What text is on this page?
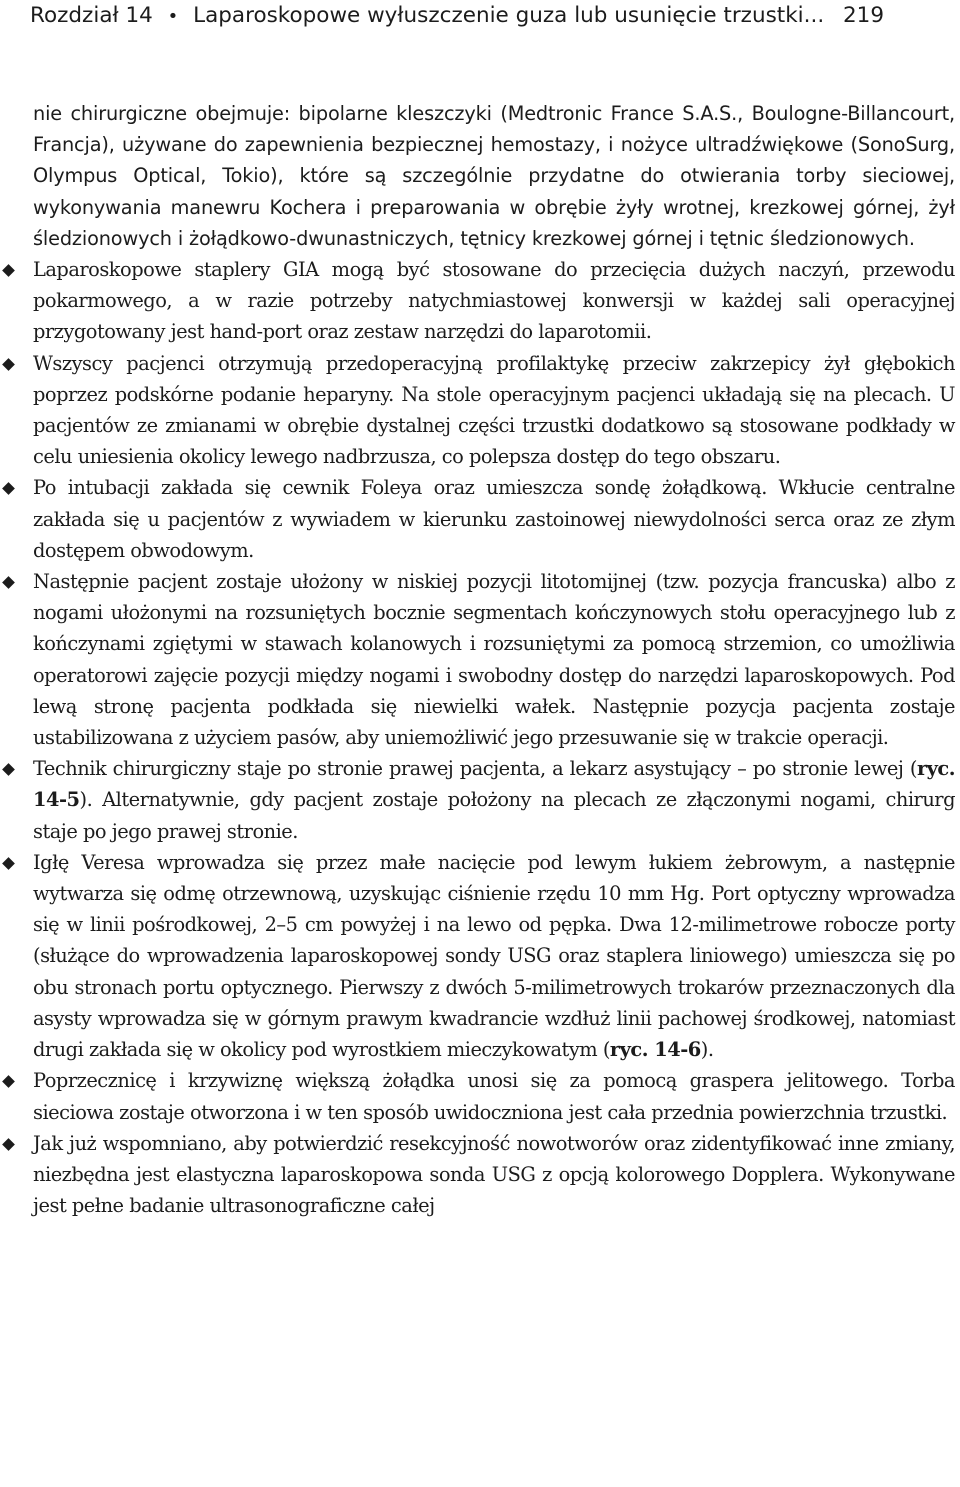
Rozdział 14 • Laparoskopowe wyłuszczenie guza lub usunięcie trzustki... 219

nie chirurgiczne obejmuje: bipolarne kleszczyki (Medtronic France S.A.S., Boulogne-Billancourt, Francja), używane do zapewnienia bezpiecznej hemostazy, i nożyce ultradźwiękowe (SonoSurg, Olympus Optical, Tokio), które są szczególnie przydatne do otwierania torby sieciowej, wykonywania manewru Kochera i preparowania w obrębie żyły wrotnej, krezkowej górnej, żył śledzionowych i żołądkowo-dwunastniczych, tętnicy krezkowej górnej i tętnic śledzionowych.

Laparoskopowe staplery GIA mogą być stosowane do przecięcia dużych naczyń, przewodu pokarmowego, a w razie potrzeby natychmiastowej konwersji w każdej sali operacyjnej przygotowany jest hand-port oraz zestaw narzędzi do laparotomii.
Wszyscy pacjenci otrzymują przedoperacyjną profilaktykę przeciw zakrzepicy żył głębokich poprzez podskórne podanie heparyny. Na stole operacyjnym pacjenci układają się na plecach. U pacjentów ze zmianami w obrębie dystalnej części trzustki dodatkowo są stosowane podkłady w celu uniesienia okolicy lewego nadbrzusza, co polepsza dostęp do tego obszaru.
Po intubacji zakłada się cewnik Foleya oraz umieszcza sondę żołądkową. Wkłucie centralne zakłada się u pacjentów z wywiadem w kierunku zastoinowej niewydolności serca oraz ze złym dostępem obwodowym.
Następnie pacjent zostaje ułożony w niskiej pozycji litotomijnej (tzw. pozycja francuska) albo z nogami ułożonymi na rozsuniętych bocznie segmentach kończynowych stołu operacyjnego lub z kończynami zgiętymi w stawach kolanowych i rozsuniętymi za pomocą strzemion, co umożliwia operatorowi zajęcie pozycji między nogami i swobodny dostęp do narzędzi laparoskopowych. Pod lewą stronę pacjenta podkłada się niewielki wałek. Następnie pozycja pacjenta zostaje ustabilizowana z użyciem pasów, aby uniemożliwić jego przesuwanie się w trakcie operacji.
Technik chirurgiczny staje po stronie prawej pacjenta, a lekarz asystujący – po stronie lewej (ryc. 14-5). Alternatywnie, gdy pacjent zostaje położony na plecach ze złączonymi nogami, chirurg staje po jego prawej stronie.
Igłę Veresa wprowadza się przez małe nacięcie pod lewym łukiem żebrowym, a następnie wytwarza się odmę otrzewnową, uzyskując ciśnienie rzędu 10 mm Hg. Port optyczny wprowadza się w linii pośrodkowej, 2–5 cm powyżej i na lewo od pępka. Dwa 12-milimetrowe robocze porty (służące do wprowadzenia laparoskopowej sondy USG oraz staplera liniowego) umieszcza się po obu stronach portu optycznego. Pierwszy z dwóch 5-milimetrowych trokarów przeznaczonych dla asysty wprowadza się w górnym prawym kwadrancie wzdłuż linii pachowej środkowej, natomiast drugi zakłada się w okolicy pod wyrostkiem mieczykowatym (ryc. 14-6).
Poprzecznicę i krzywiznę większą żołądka unosi się za pomocą graspera jelitowego. Torba sieciowa zostaje otworzona i w ten sposób uwidoczniona jest cała przednia powierzchnia trzustki.
Jak już wspomniano, aby potwierdzić resekcyjność nowotworów oraz zidentyfikować inne zmiany, niezbędna jest elastyczna laparoskopowa sonda USG z opcją kolorowego Dopplera. Wykonywane jest pełne badanie ultrasonograficzne całej
